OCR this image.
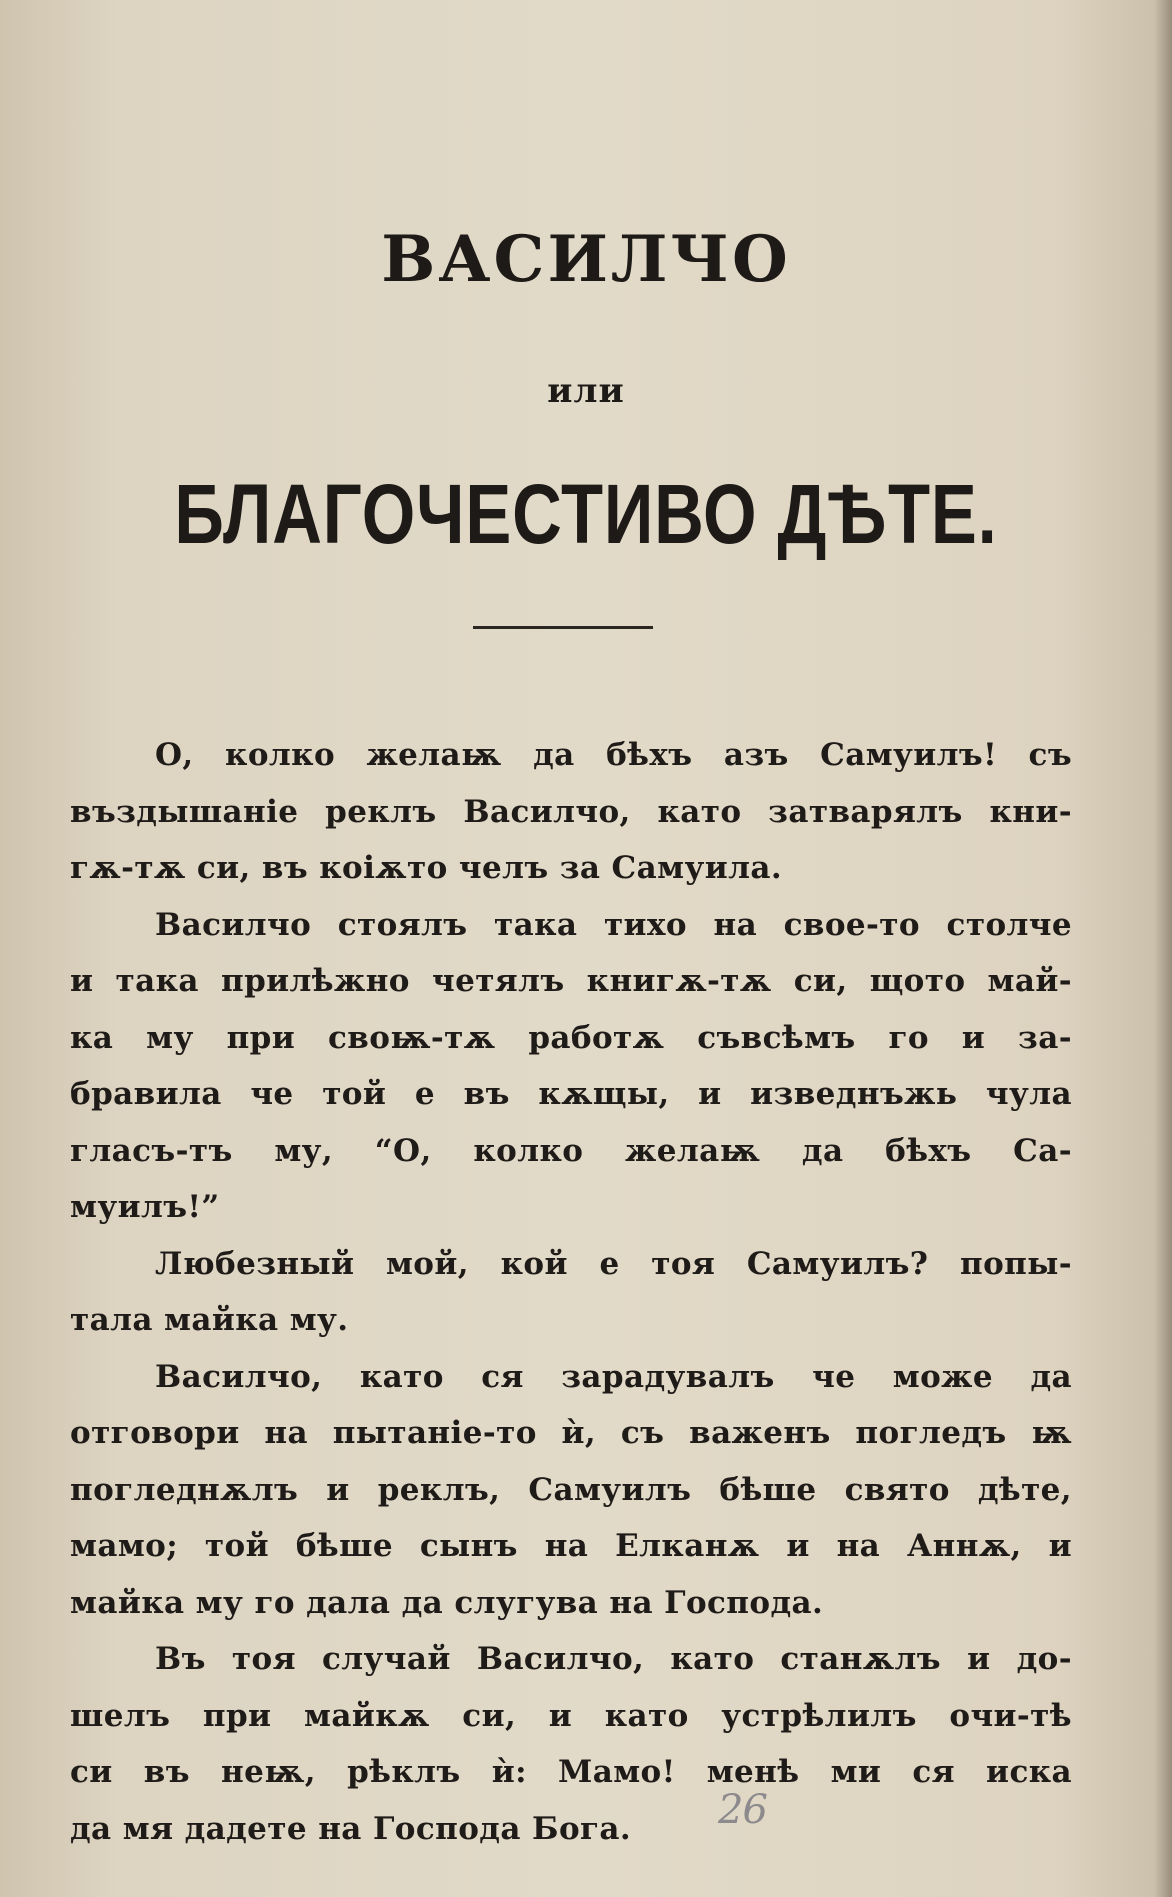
ВАСИЛЧО
или
БЛАГОЧЕСТИВО ДѢТЕ.
О, колко желаѭ да бѣхъ азъ Самуилъ! съ
въздышаніе реклъ Василчо, като затварялъ кни-
гѫ-тѫ си, въ коіѫто челъ за Самуила.
Василчо стоялъ така тихо на свое-то столче
и така прилѣжно четялъ книгѫ-тѫ си, щото май-
ка му при своѭ-тѫ работѫ съвсѣмъ го и за-
бравила че той е въ кѫщы, и изведнъжь чула
гласъ-тъ му, “О, колко желаѭ да бѣхъ Са-
муилъ!”
Любезный мой, кой е тоя Самуилъ? попы-
тала майка му.
Василчо, като ся зарадувалъ че може да
отговори на пытаніе-то ѝ, съ важенъ погледъ ѭ
погледнѫлъ и реклъ, Самуилъ бѣше свято дѣте,
мамо; той бѣше сынъ на Елканѫ и на Аннѫ, и
майка му го дала да слугува на Господа.
Въ тоя случай Василчо, като станѫлъ и до-
шелъ при майкѫ си, и като устрѣлилъ очи-тѣ
си въ неѭ, рѣклъ ѝ: Мамо! менѣ ми ся иска
да мя дадете на Господа Бога.	26
